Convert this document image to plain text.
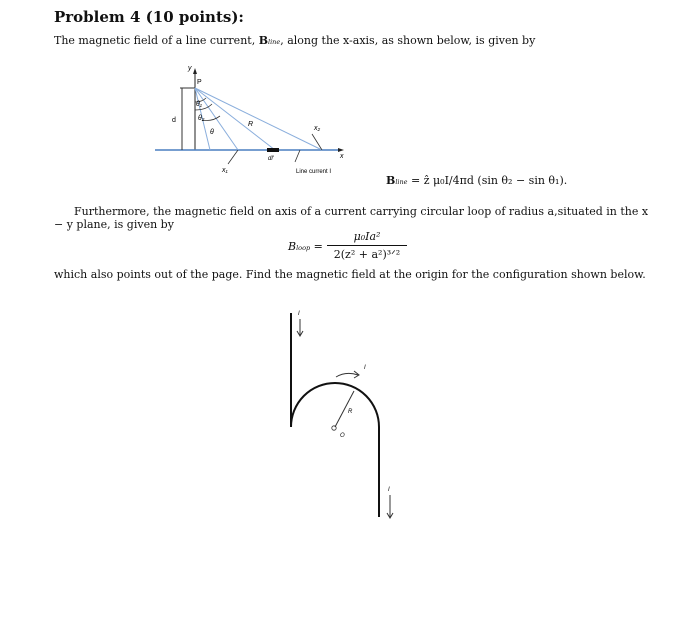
Problem 4 (10 points):
The magnetic field of a line current, Bline, along the x-axis, as shown below, is given by
y
P
d
θ₁
θ₂
θ
R
x₂
x₁
dl'	x
Line current I
Bline = ẑ μ₀I/4πd (sin θ₂ − sin θ₁).
Furthermore, the magnetic field on axis of a current carrying circular loop of radius a,situated in the x − y plane, is given by
Bloop =
μ₀Ia²
2(z² + a²)³ᐟ²
which also points out of the page. Find the magnetic field at the origin for the configuration shown below.
I
I
R
O
I
